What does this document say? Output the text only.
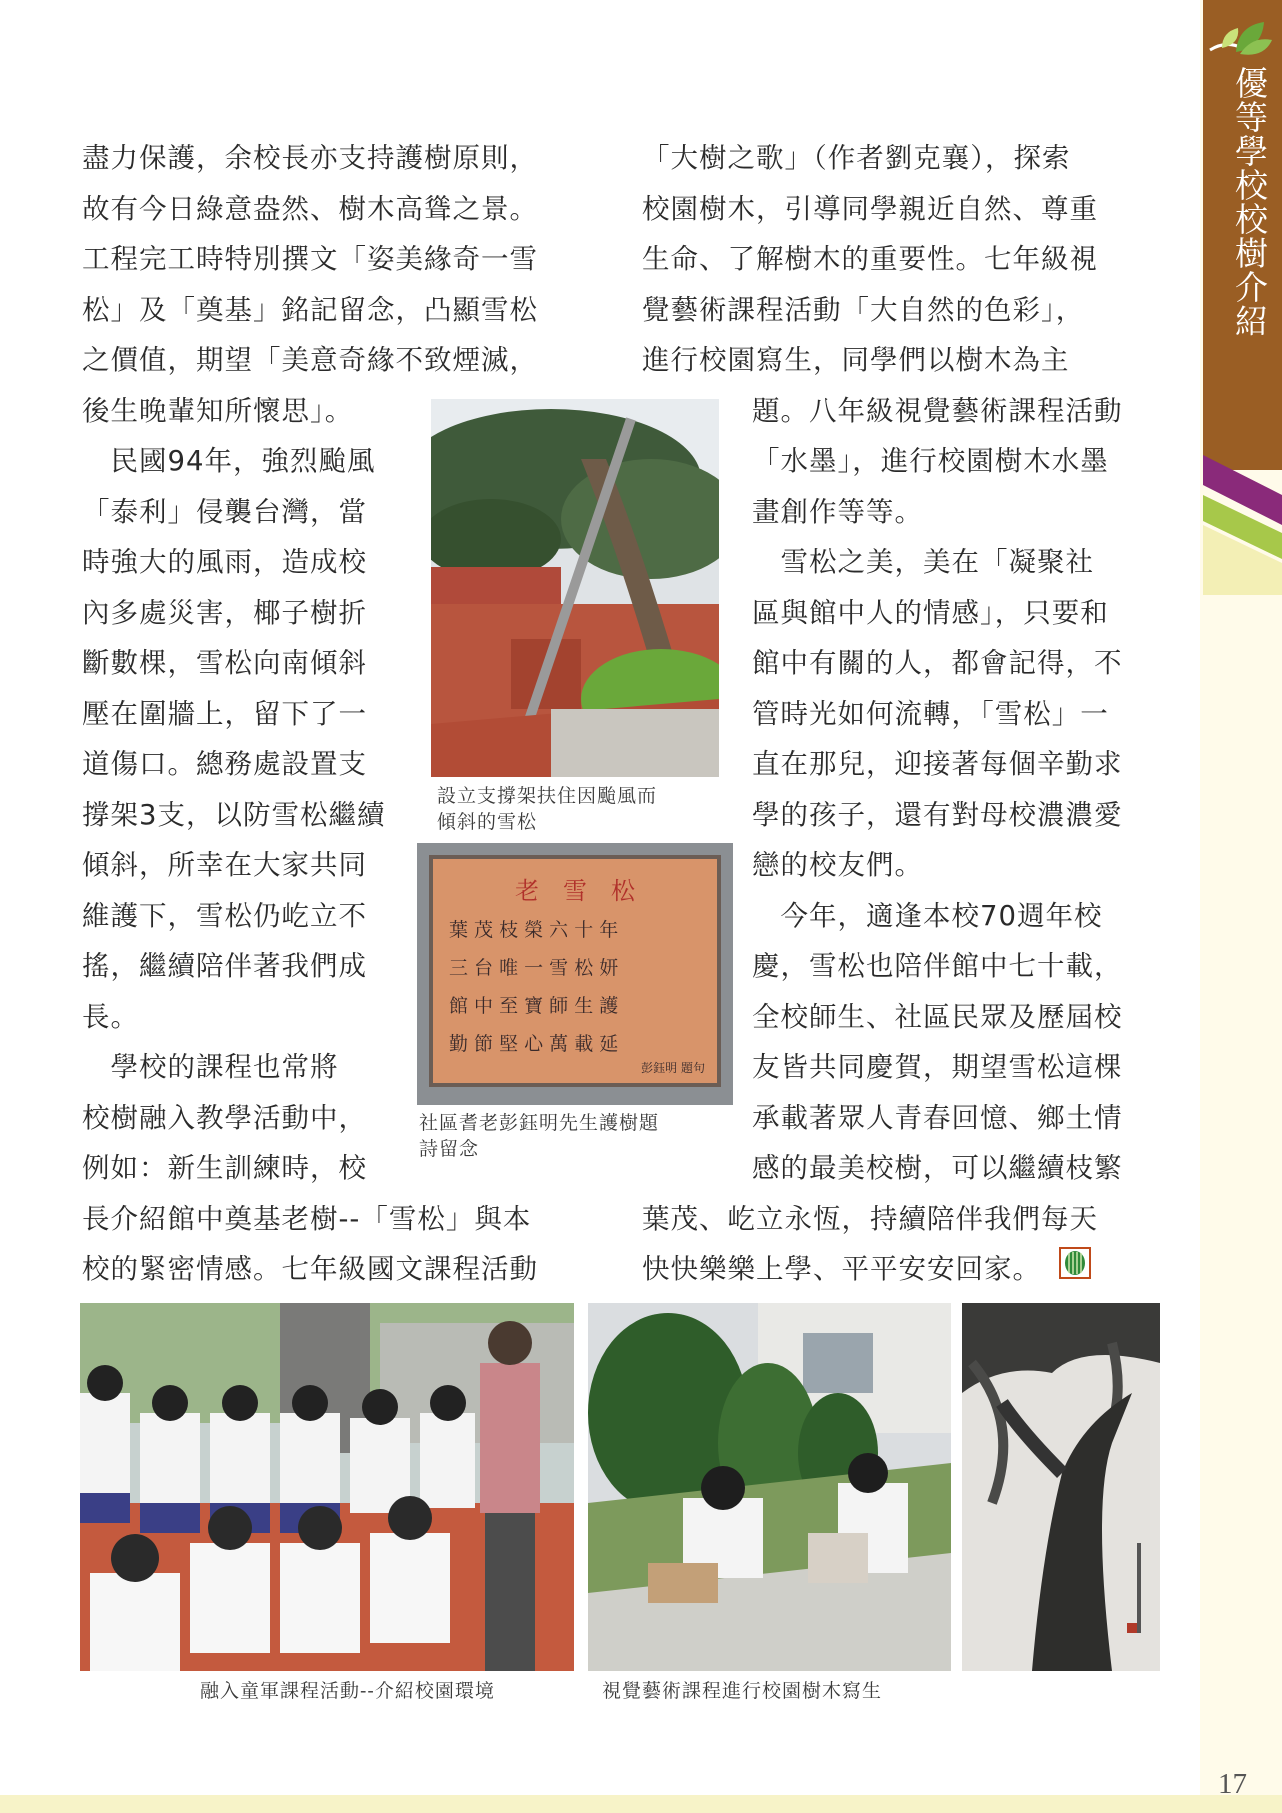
優等學校校樹介紹
盡力保護，余校長亦支持護樹原則，
故有今日綠意盎然、樹木高聳之景。
工程完工時特別撰文「姿美緣奇一雪
松」及「奠基」銘記留念，凸顯雪松
之價值，期望「美意奇緣不致煙滅，
後生晚輩知所懷思」。
　民國94年，強烈颱風
「泰利」侵襲台灣，當
時強大的風雨，造成校
內多處災害，椰子樹折
斷數棵，雪松向南傾斜
壓在圍牆上，留下了一
道傷口。總務處設置支
撐架3支，以防雪松繼續
傾斜，所幸在大家共同
維護下，雪松仍屹立不
搖，繼續陪伴著我們成
長。
　學校的課程也常將
校樹融入教學活動中，
例如：新生訓練時，校
長介紹館中奠基老樹--「雪松」與本
校的緊密情感。七年級國文課程活動
「大樹之歌」（作者劉克襄），探索
校園樹木，引導同學親近自然、尊重
生命、了解樹木的重要性。七年級視
覺藝術課程活動「大自然的色彩」，
進行校園寫生，同學們以樹木為主
題。八年級視覺藝術課程活動
「水墨」，進行校園樹木水墨
畫創作等等。
　雪松之美，美在「凝聚社
區與館中人的情感」，只要和
館中有關的人，都會記得，不
管時光如何流轉，「雪松」一
直在那兒，迎接著每個辛勤求
學的孩子，還有對母校濃濃愛
戀的校友們。
　今年，適逢本校70週年校
慶，雪松也陪伴館中七十載，
全校師生、社區民眾及歷屆校
友皆共同慶賀，期望雪松這棵
承載著眾人青春回憶、鄉土情
感的最美校樹，可以繼續枝繁
葉茂、屹立永恆，持續陪伴我們每天
快快樂樂上學、平平安安回家。
設立支撐架扶住因颱風而
傾斜的雪松
老　雪　松
葉 茂 枝 榮 六 十 年
三 台 唯 一 雪 松 妍
館 中 至 寶 師 生 護
勤 節 堅 心 萬 載 延
彭鈺明 題句
社區耆老彭鈺明先生護樹題
詩留念
融入童軍課程活動--介紹校園環境	視覺藝術課程進行校園樹木寫生
17
